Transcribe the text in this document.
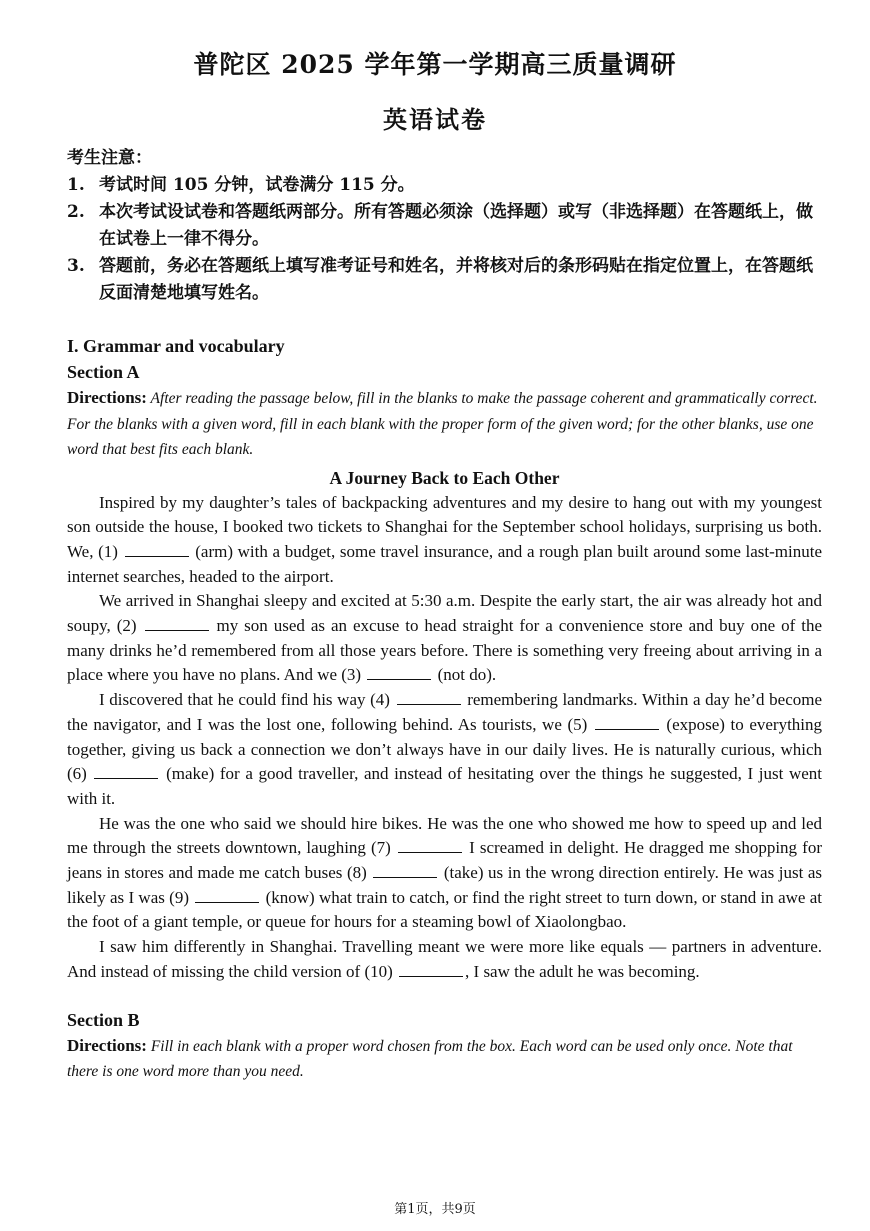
普陀区 2025 学年第一学期高三质量调研
英语试卷
考生注意：
1. 考试时间 105 分钟，试卷满分 115 分。
2. 本次考试设试卷和答题纸两部分。所有答题必须涂（选择题）或写（非选择题）在答题纸上，做在试卷上一律不得分。
3. 答题前，务必在答题纸上填写准考证号和姓名，并将核对后的条形码贴在指定位置上，在答题纸反面清楚地填写姓名。
I. Grammar and vocabulary
Section A
Directions: After reading the passage below, fill in the blanks to make the passage coherent and grammatically correct. For the blanks with a given word, fill in each blank with the proper form of the given word; for the other blanks, use one word that best fits each blank.
A Journey Back to Each Other

Inspired by my daughter’s tales of backpacking adventures and my desire to hang out with my youngest son outside the house, I booked two tickets to Shanghai for the September school holidays, surprising us both. We, (1)	(arm) with a budget, some travel insurance, and a rough plan built around some last-minute internet searches, headed to the airport.

We arrived in Shanghai sleepy and excited at 5:30 a.m. Despite the early start, the air was already hot and soupy, (2)	my son used as an excuse to head straight for a convenience store and buy one of the many drinks he’d remembered from all those years before. There is something very freeing about arriving in a place where you have no plans. And we (3)	(not do).

I discovered that he could find his way (4)	remembering landmarks. Within a day he’d become the navigator, and I was the lost one, following behind. As tourists, we (5)	(expose) to everything together, giving us back a connection we don’t always have in our daily lives. He is naturally curious, which (6)	(make) for a good traveller, and instead of hesitating over the things he suggested, I just went with it.

He was the one who said we should hire bikes. He was the one who showed me how to speed up and led me through the streets downtown, laughing (7)	I screamed in delight. He dragged me shopping for jeans in stores and made me catch buses (8)	(take) us in the wrong direction entirely. He was just as likely as I was (9)	(know) what train to catch, or find the right street to turn down, or stand in awe at the foot of a giant temple, or queue for hours for a steaming bowl of Xiaolongbao.

I saw him differently in Shanghai. Travelling meant we were more like equals — partners in adventure. And instead of missing the child version of (10)	, I saw the adult he was becoming.

Section B
Directions: Fill in each blank with a proper word chosen from the box. Each word can be used only once. Note that there is one word more than you need.
第1页，共9页
